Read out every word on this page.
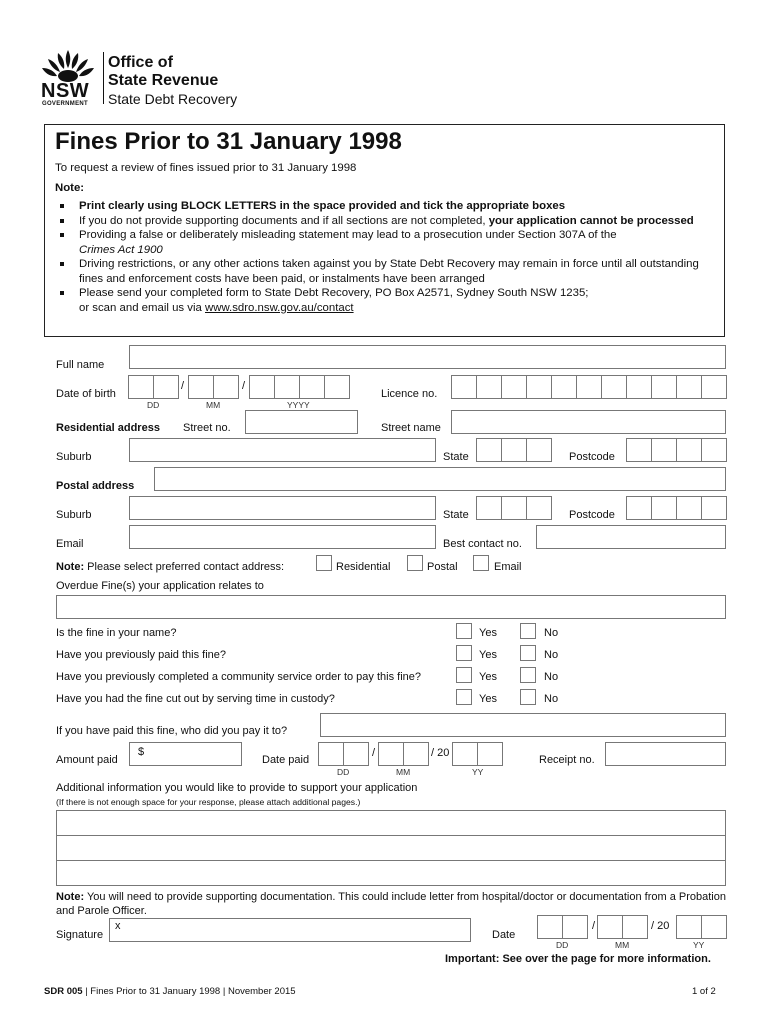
NSW
GOVERNMENT
Office of
State Revenue
State Debt Recovery
Fines Prior to 31 January 1998
To request a review of fines issued prior to 31 January 1998
Note:
Print clearly using BLOCK LETTERS in the space provided and tick the appropriate boxes
If you do not provide supporting documents and if all sections are not completed, your application cannot be processed
Providing a false or deliberately misleading statement may lead to a prosecution under Section 307A of the
Crimes Act 1900
Driving restrictions, or any other actions taken against you by State Debt Recovery may remain in force until all outstanding fines and enforcement costs have been paid, or instalments have been arranged
Please send your completed form to State Debt Recovery, PO Box A2571, Sydney South NSW 1235;
or scan and email us via www.sdro.nsw.gov.au/contact
Full name
Date of birth
/	/
DD	MM	YYYY
Licence no.
Residential address Street no.	Street name
Suburb	State	Postcode
Postal address
Suburb	State	Postcode
Email	Best contact no.
Note: Please select preferred contact address:	Residential	Postal	Email
Overdue Fine(s) your application relates to
Is the fine in your name?	Yes	No
Have you previously paid this fine?	Yes	No
Have you previously completed a community service order to pay this fine?	Yes	No
Have you had the fine cut out by serving time in custody?	Yes	No
If you have paid this fine, who did you pay it to?
Amount paid
$
Date paid
/	/ 20
DD	MM	YY
Receipt no.
Additional information you would like to provide to support your application
(If there is not enough space for your response, please attach additional pages.)
Note: You will need to provide supporting documentation. This could include letter from hospital/doctor or documentation from a Probation and Parole Officer.
Signature
x
Date
/	/ 20
DD	MM	YY
Important: See over the page for more information.
SDR 005 | Fines Prior to 31 January 1998 | November 2015	1 of 2
